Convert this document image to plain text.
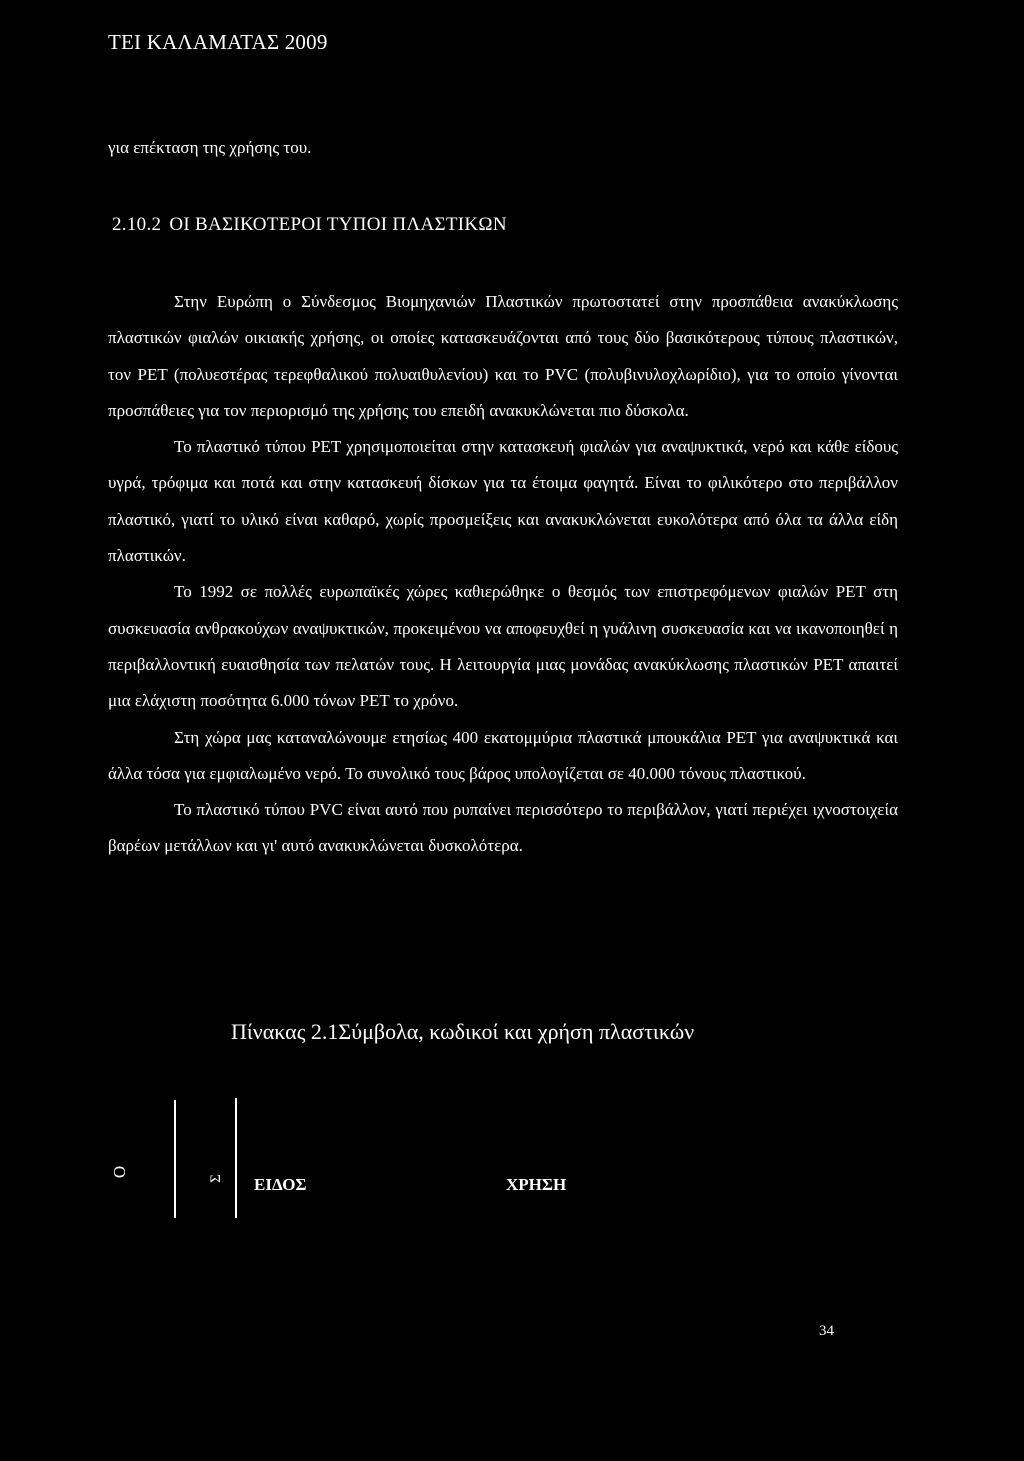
ΤΕΙ ΚΑΛΑΜΑΤΑΣ 2009
για επέκταση της χρήσης του.
2.10.2 ΟΙ ΒΑΣΙΚΟΤΕΡΟΙ ΤΥΠΟΙ ΠΛΑΣΤΙΚΩΝ

Στην Ευρώπη ο Σύνδεσμος Βιομηχανιών Πλαστικών πρωτοστατεί στην προσπάθεια ανακύκλωσης πλαστικών φιαλών οικιακής χρήσης, οι οποίες κατασκευάζονται από τους δύο βασικότερους τύπους πλαστικών, τον PET (πολυεστέρας τερεφθαλικού πολυαιθυλενίου) και το PVC (πολυβινυλοχλωρίδιο), για το οποίο γίνονται προσπάθειες για τον περιορισμό της χρήσης του επειδή ανακυκλώνεται πιο δύσκολα.

Το πλαστικό τύπου PET χρησιμοποιείται στην κατασκευή φιαλών για αναψυκτικά, νερό και κάθε είδους υγρά, τρόφιμα και ποτά και στην κατασκευή δίσκων για τα έτοιμα φαγητά. Είναι το φιλικότερο στο περιβάλλον πλαστικό, γιατί το υλικό είναι καθαρό, χωρίς προσμείξεις και ανακυκλώνεται ευκολότερα από όλα τα άλλα είδη πλαστικών.

Το 1992 σε πολλές ευρωπαϊκές χώρες καθιερώθηκε ο θεσμός των επιστρεφόμενων φιαλών PET στη συσκευασία ανθρακούχων αναψυκτικών, προκειμένου να αποφευχθεί η γυάλινη συσκευασία και να ικανοποιηθεί η περιβαλλοντική ευαισθησία των πελατών τους. Η λειτουργία μιας μονάδας ανακύκλωσης πλαστικών PET απαιτεί μια ελάχιστη ποσότητα 6.000 τόνων PET το χρόνο.

Στη χώρα μας καταναλώνουμε ετησίως 400 εκατομμύρια πλαστικά μπουκάλια PET για αναψυκτικά και άλλα τόσα για εμφιαλωμένο νερό. Το συνολικό τους βάρος υπολογίζεται σε 40.000 τόνους πλαστικού.

Το πλαστικό τύπου PVC είναι αυτό που ρυπαίνει περισσότερο το περιβάλλον, γιατί περιέχει ιχνοστοιχεία βαρέων μετάλλων και γι' αυτό ανακυκλώνεται δυσκολότερα.

Πίνακας 2.1Σύμβολα, κωδικοί και χρήση πλαστικών
Ο
Σ ΕΙΔΟΣ	ΧΡΗΣΗ
34
